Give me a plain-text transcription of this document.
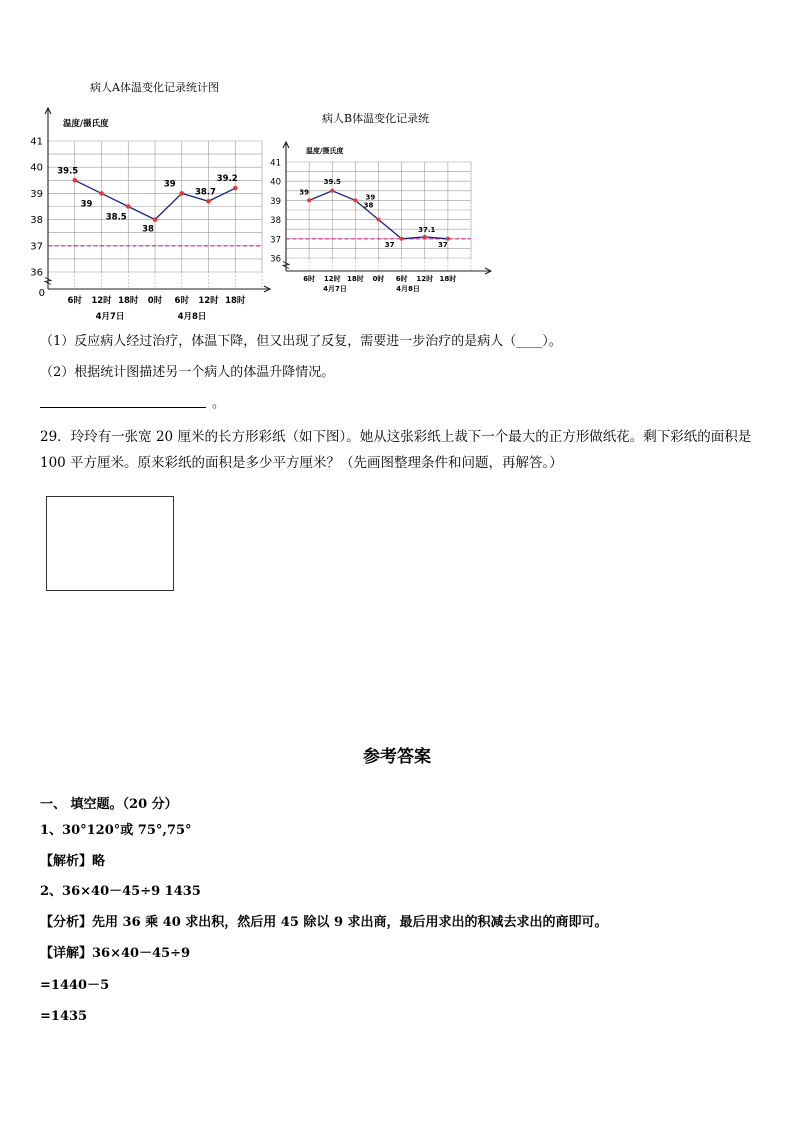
病人A体温变化记录统计图
温度/摄氏度
36
37
38
39
40
41
0
39.5
39
38.5
38
39
38.7
39.2
6时 12时 18时 0时 6时 12时 18时
4月7日	4月8日
病人B体温变化记录统
温度/摄氏度
36
37
38
39
40
41
39
39.5
39
38
37
37.1
37
6时 12时 18时 0时 6时 12时 18时
4月7日	4月8日
（1）反应病人经过治疗，体温下降，但又出现了反复，需要进一步治疗的是病人（____）。
（2）根据统计图描述另一个病人的体温升降情况。
。
29．玲玲有一张宽 20 厘米的长方形彩纸（如下图）。她从这张彩纸上裁下一个最大的正方形做纸花。剩下彩纸的面积是100 平方厘米。原来彩纸的面积是多少平方厘米？（先画图整理条件和问题，再解答。）
参考答案
一、 填空题。（20 分）
1、30°120°或 75°,75°
【解析】略
2、36×40－45÷9 1435
【分析】先用 36 乘 40 求出积，然后用 45 除以 9 求出商，最后用求出的积减去求出的商即可。
【详解】36×40－45÷9
=1440－5
=1435
